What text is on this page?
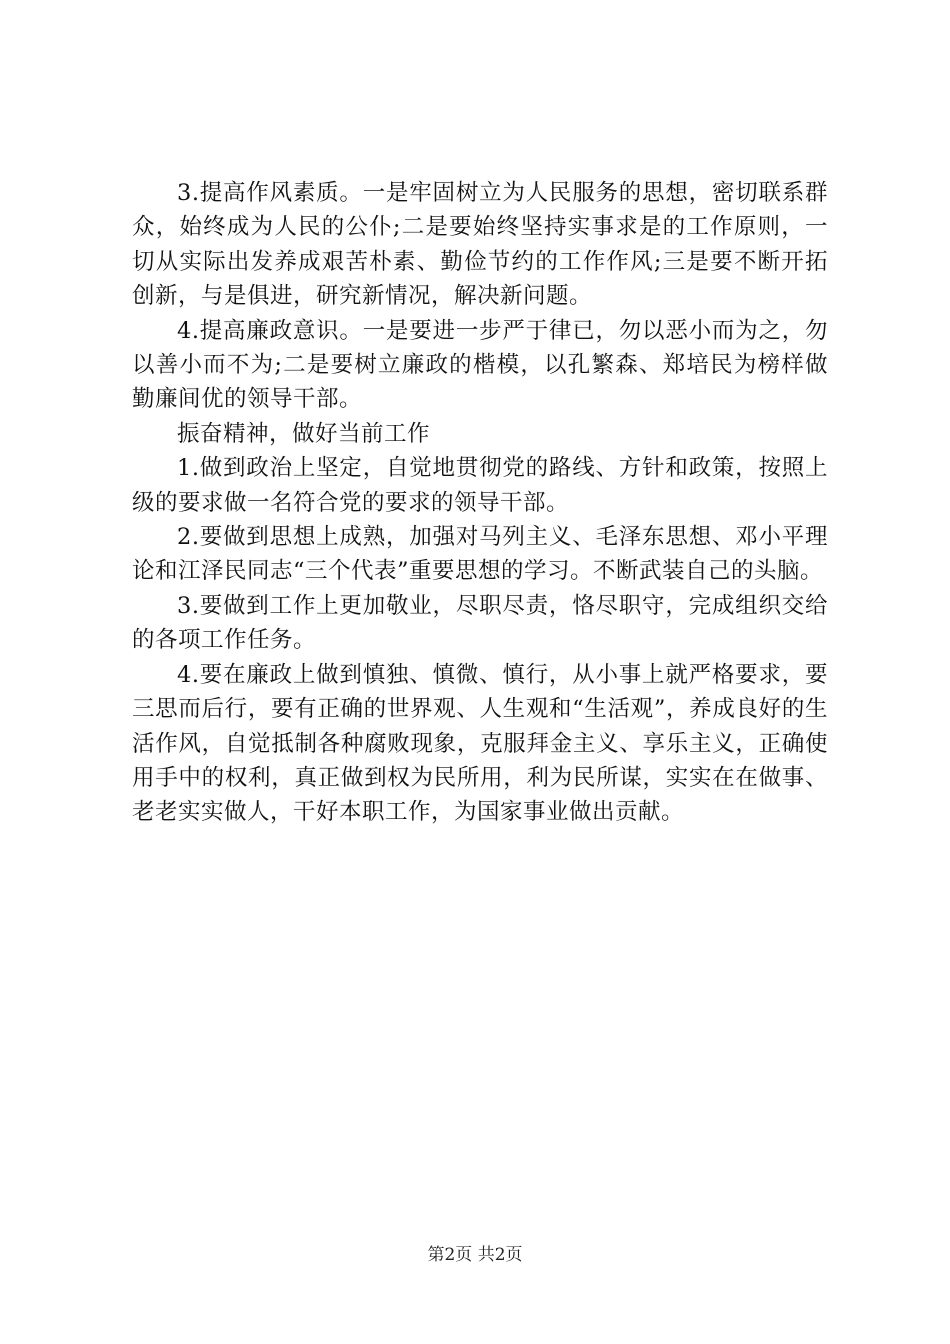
3.提高作风素质。一是牢固树立为人民服务的思想，密切联系群众，始终成为人民的公仆;二是要始终坚持实事求是的工作原则，一切从实际出发养成艰苦朴素、勤俭节约的工作作风;三是要不断开拓创新，与是俱进，研究新情况，解决新问题。

4.提高廉政意识。一是要进一步严于律已，勿以恶小而为之，勿以善小而不为;二是要树立廉政的楷模，以孔繁森、郑培民为榜样做勤廉间优的领导干部。

振奋精神，做好当前工作

1.做到政治上坚定，自觉地贯彻党的路线、方针和政策，按照上级的要求做一名符合党的要求的领导干部。

2.要做到思想上成熟，加强对马列主义、毛泽东思想、邓小平理论和江泽民同志“三个代表”重要思想的学习。不断武装自己的头脑。

3.要做到工作上更加敬业，尽职尽责，恪尽职守，完成组织交给的各项工作任务。

4.要在廉政上做到慎独、慎微、慎行，从小事上就严格要求，要三思而后行，要有正确的世界观、人生观和“生活观”，养成良好的生活作风，自觉抵制各种腐败现象，克服拜金主义、享乐主义，正确使用手中的权利，真正做到权为民所用，利为民所谋，实实在在做事、老老实实做人，干好本职工作，为国家事业做出贡献。

第2页 共2页
